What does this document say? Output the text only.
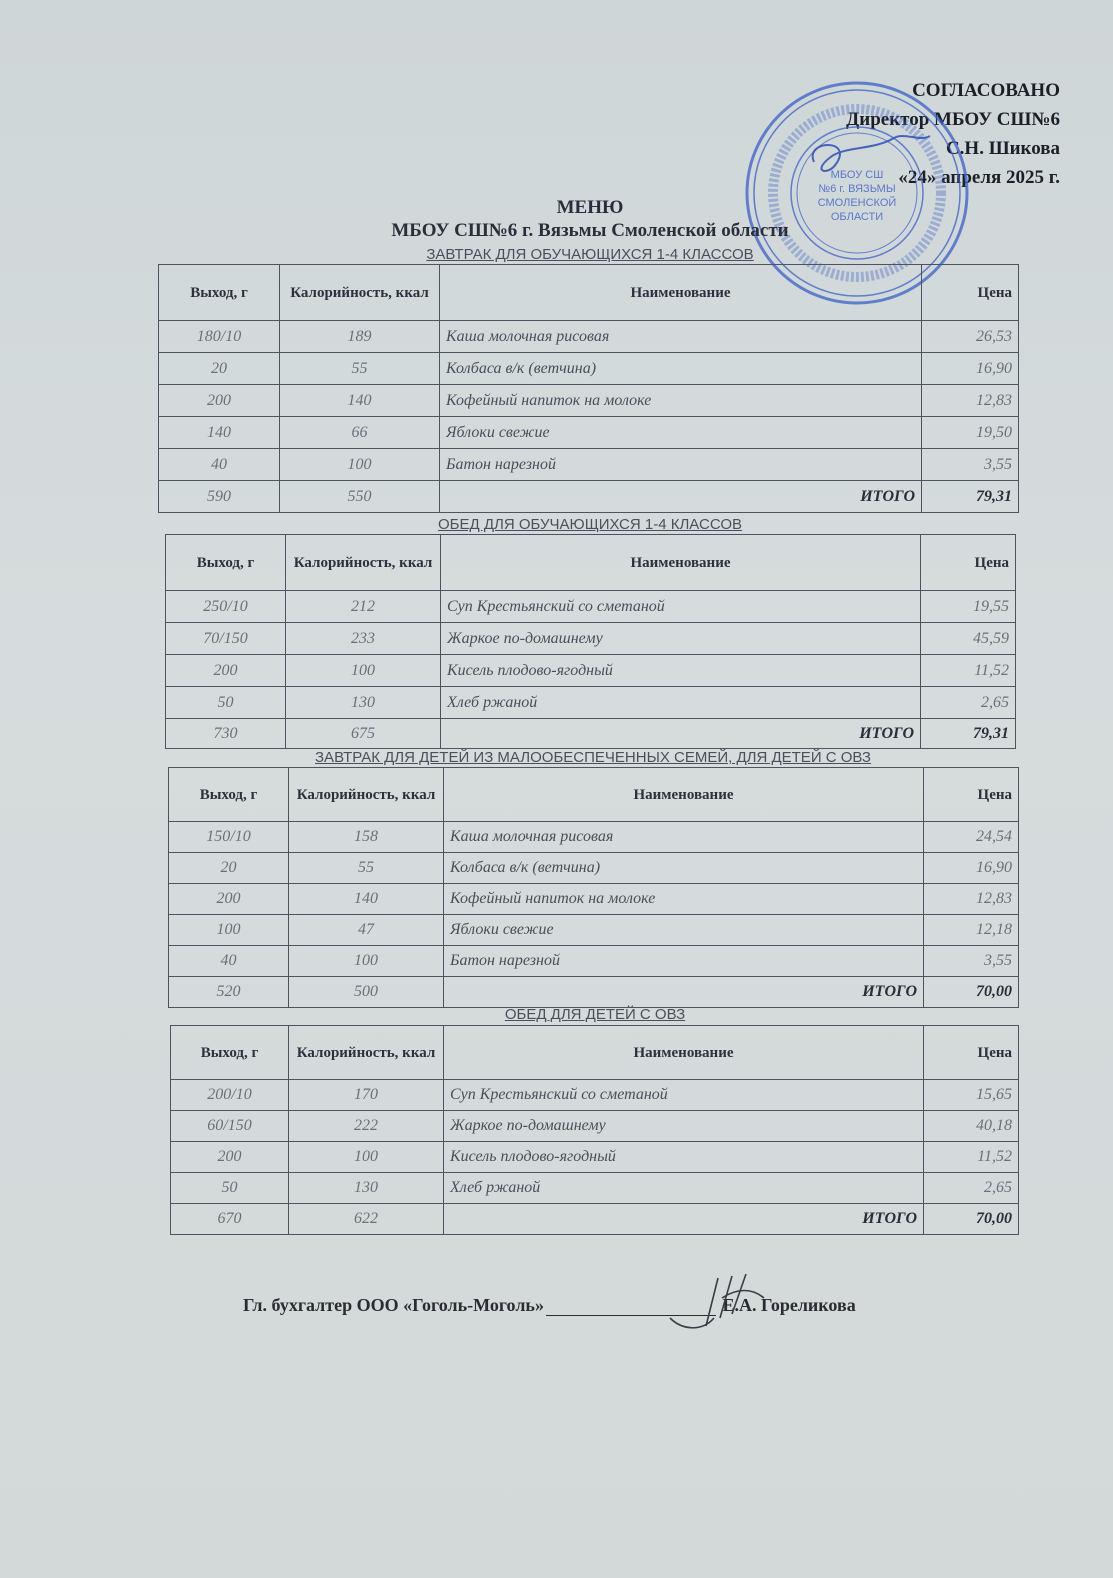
СОГЛАСОВАНО
Директор МБОУ СШ№6
С.Н. Шикова
«24» апреля 2025 г.
МБОУ СШ
№6 г. ВЯЗЬМЫ
СМОЛЕНСКОЙ
ОБЛАСТИ
МЕНЮ
МБОУ СШ№6 г. Вязьмы Смоленской области
ЗАВТРАК ДЛЯ ОБУЧАЮЩИХСЯ 1-4 КЛАССОВ
Выход, г	Калорийность, ккал	Наименование	Цена
180/10	189	Каша молочная рисовая	26,53
20	55	Колбаса в/к (ветчина)	16,90
200	140	Кофейный напиток на молоке	12,83
140	66	Яблоки свежие	19,50
40	100	Батон нарезной	3,55
590	550	ИТОГО	79,31
ОБЕД ДЛЯ ОБУЧАЮЩИХСЯ 1-4 КЛАССОВ
Выход, г	Калорийность, ккал	Наименование	Цена
250/10	212	Суп Крестьянский со сметаной	19,55
70/150	233	Жаркое по-домашнему	45,59
200	100	Кисель плодово-ягодный	11,52
50	130	Хлеб ржаной	2,65
730	675	ИТОГО	79,31
ЗАВТРАК ДЛЯ ДЕТЕЙ ИЗ МАЛООБЕСПЕЧЕННЫХ СЕМЕЙ, ДЛЯ ДЕТЕЙ С ОВЗ
Выход, г	Калорийность, ккал	Наименование	Цена
150/10	158	Каша молочная рисовая	24,54
20	55	Колбаса в/к (ветчина)	16,90
200	140	Кофейный напиток на молоке	12,83
100	47	Яблоки свежие	12,18
40	100	Батон нарезной	3,55
520	500	ИТОГО	70,00
ОБЕД ДЛЯ ДЕТЕЙ С ОВЗ
Выход, г	Калорийность, ккал	Наименование	Цена
200/10	170	Суп Крестьянский со сметаной	15,65
60/150	222	Жаркое по-домашнему	40,18
200	100	Кисель плодово-ягодный	11,52
50	130	Хлеб ржаной	2,65
670	622	ИТОГО	70,00
Гл. бухгалтер ООО «Гоголь-Моголь»	Е.А. Гореликова
